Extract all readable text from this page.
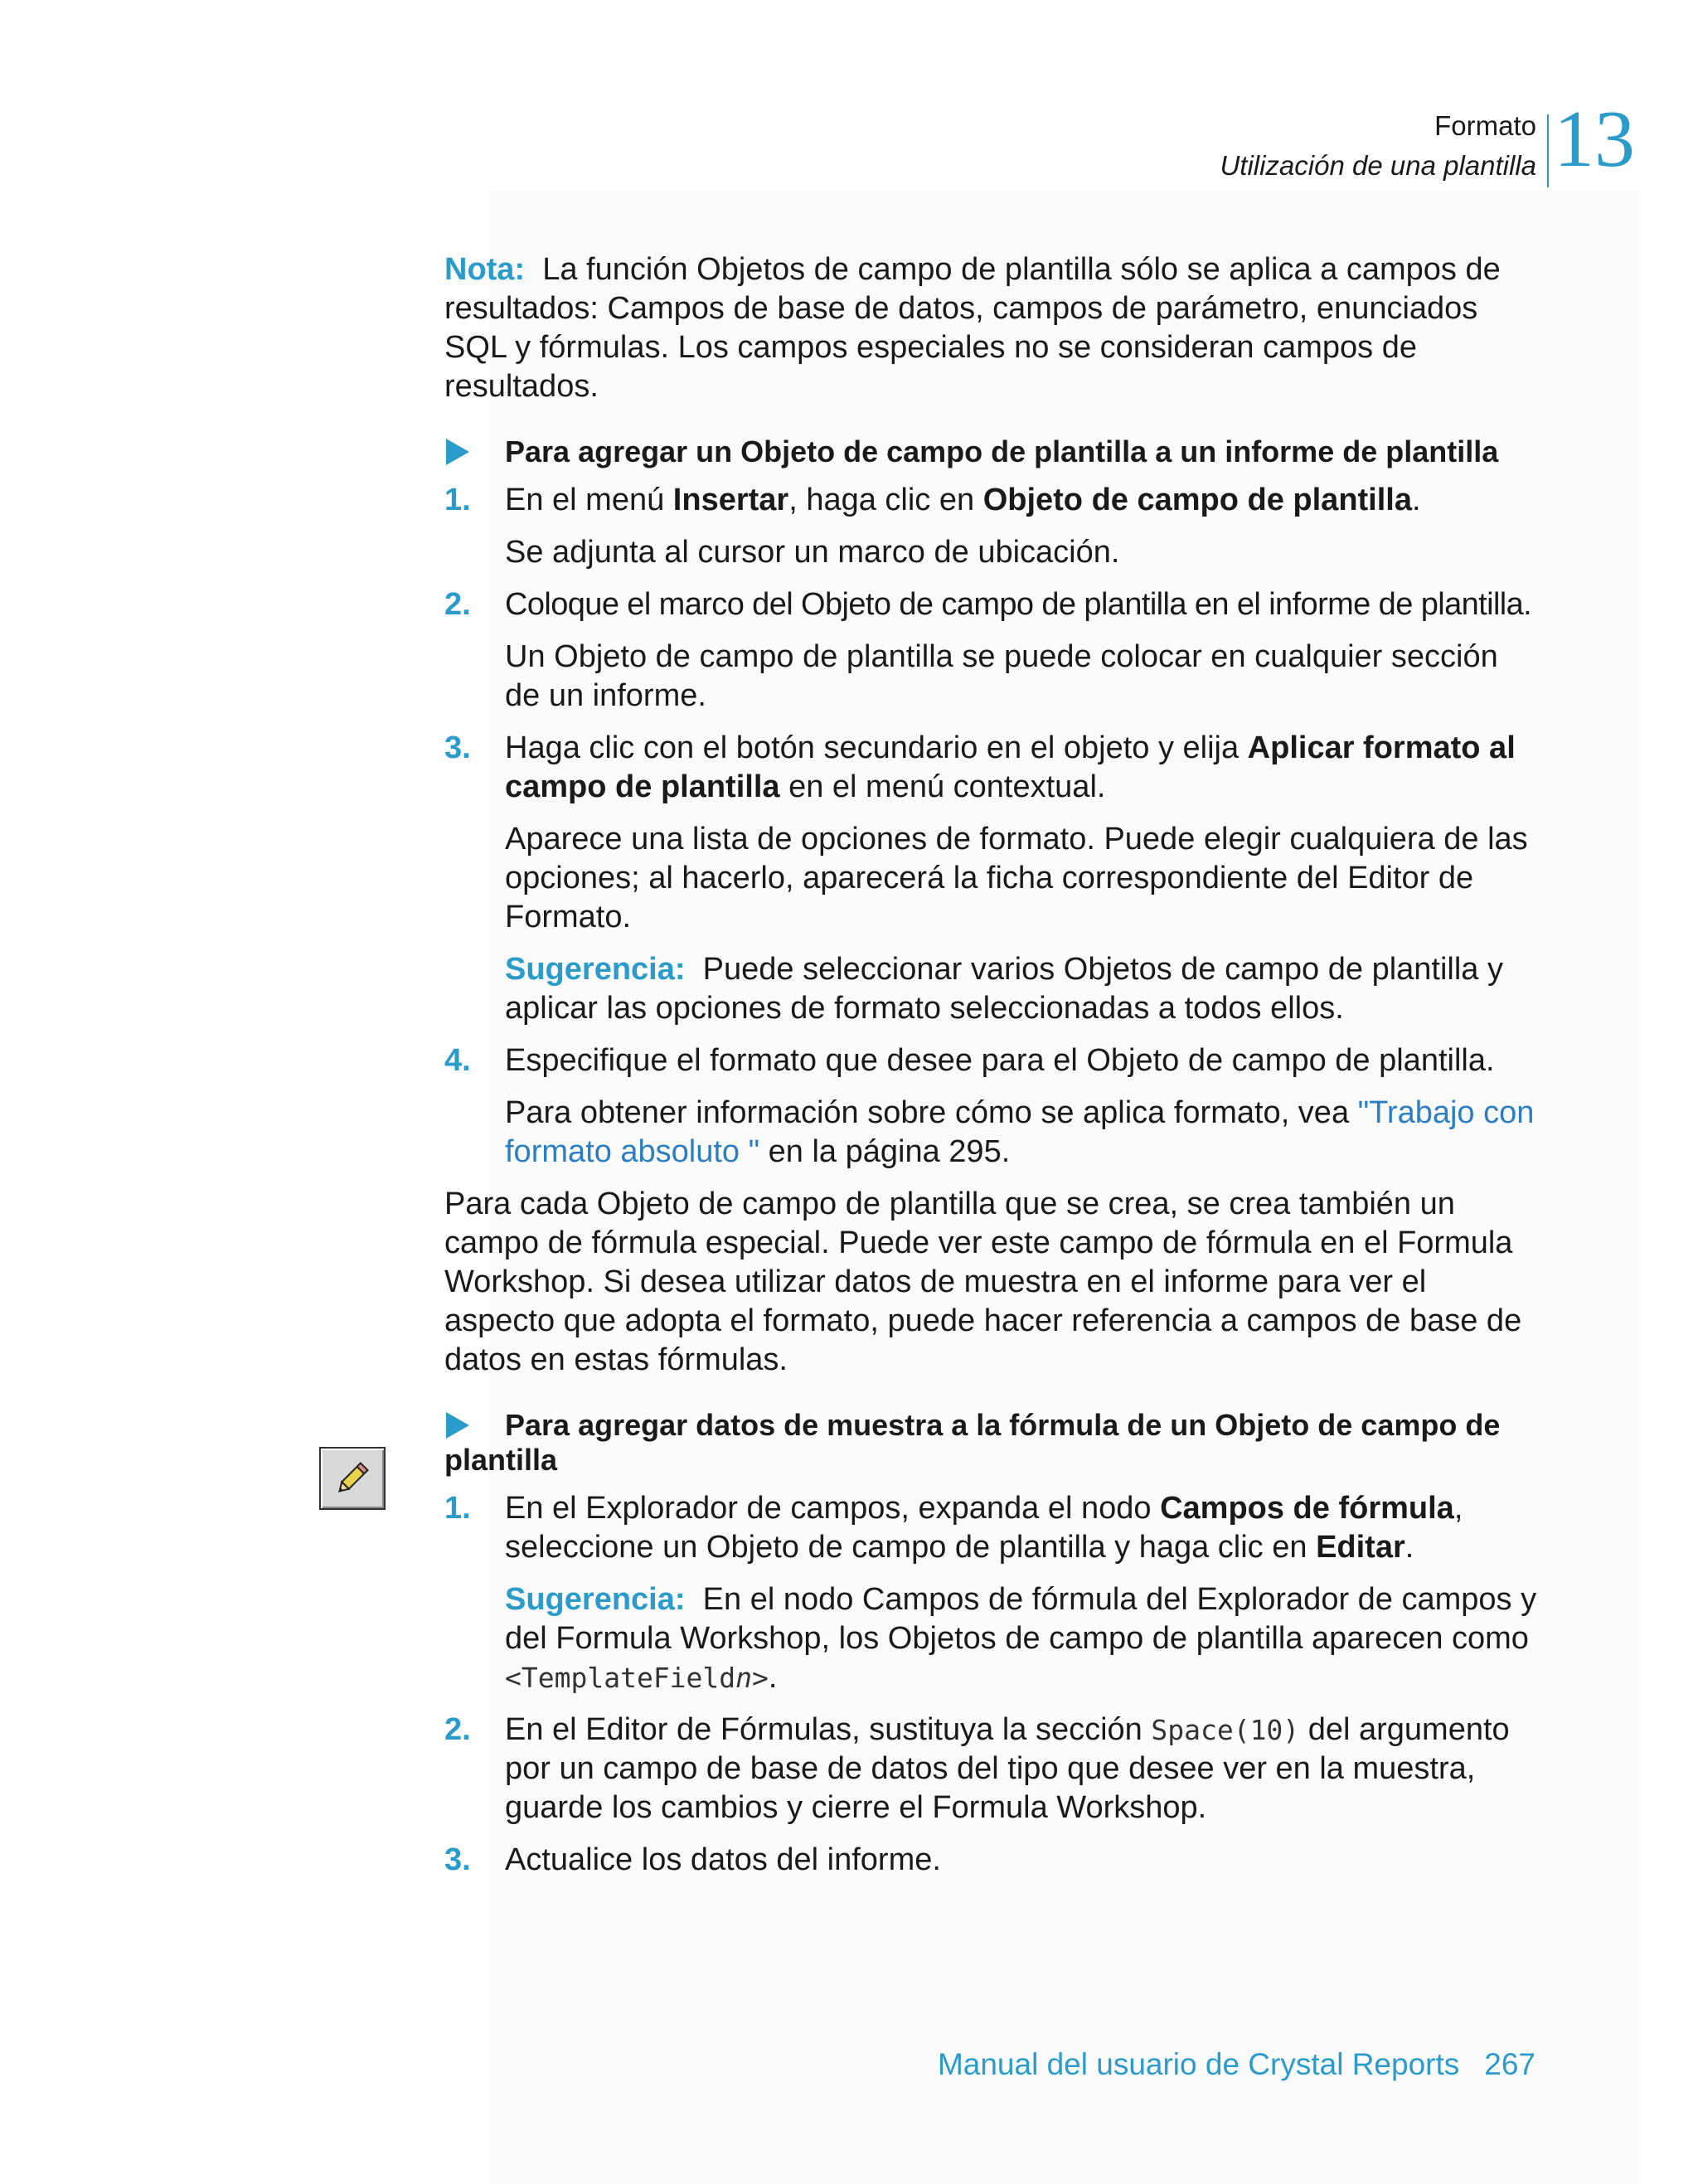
Formato
Utilización de una plantilla 13

Nota: La función Objetos de campo de plantilla sólo se aplica a campos de resultados: Campos de base de datos, campos de parámetro, enunciados SQL y fórmulas. Los campos especiales no se consideran campos de resultados.

Para agregar un Objeto de campo de plantilla a un informe de plantilla
1. En el menú Insertar, haga clic en Objeto de campo de plantilla.

Se adjunta al cursor un marco de ubicación.

2. Coloque el marco del Objeto de campo de plantilla en el informe de plantilla.

Un Objeto de campo de plantilla se puede colocar en cualquier sección de un informe.

3. Haga clic con el botón secundario en el objeto y elija Aplicar formato al campo de plantilla en el menú contextual.

Aparece una lista de opciones de formato. Puede elegir cualquiera de las opciones; al hacerlo, aparecerá la ficha correspondiente del Editor de Formato.

Sugerencia: Puede seleccionar varios Objetos de campo de plantilla y aplicar las opciones de formato seleccionadas a todos ellos.

4. Especifique el formato que desee para el Objeto de campo de plantilla.

Para obtener información sobre cómo se aplica formato, vea "Trabajo con formato absoluto " en la página 295.

Para cada Objeto de campo de plantilla que se crea, se crea también un campo de fórmula especial. Puede ver este campo de fórmula en el Formula Workshop. Si desea utilizar datos de muestra en el informe para ver el aspecto que adopta el formato, puede hacer referencia a campos de base de datos en estas fórmulas.

Para agregar datos de muestra a la fórmula de un Objeto de campo de plantilla
1. En el Explorador de campos, expanda el nodo Campos de fórmula, seleccione un Objeto de campo de plantilla y haga clic en Editar.

Sugerencia: En el nodo Campos de fórmula del Explorador de campos y del Formula Workshop, los Objetos de campo de plantilla aparecen como <TemplateFieldn>.

2. En el Editor de Fórmulas, sustituya la sección Space(10) del argumento por un campo de base de datos del tipo que desee ver en la muestra, guarde los cambios y cierre el Formula Workshop.
3. Actualice los datos del informe.
Manual del usuario de Crystal Reports 267
